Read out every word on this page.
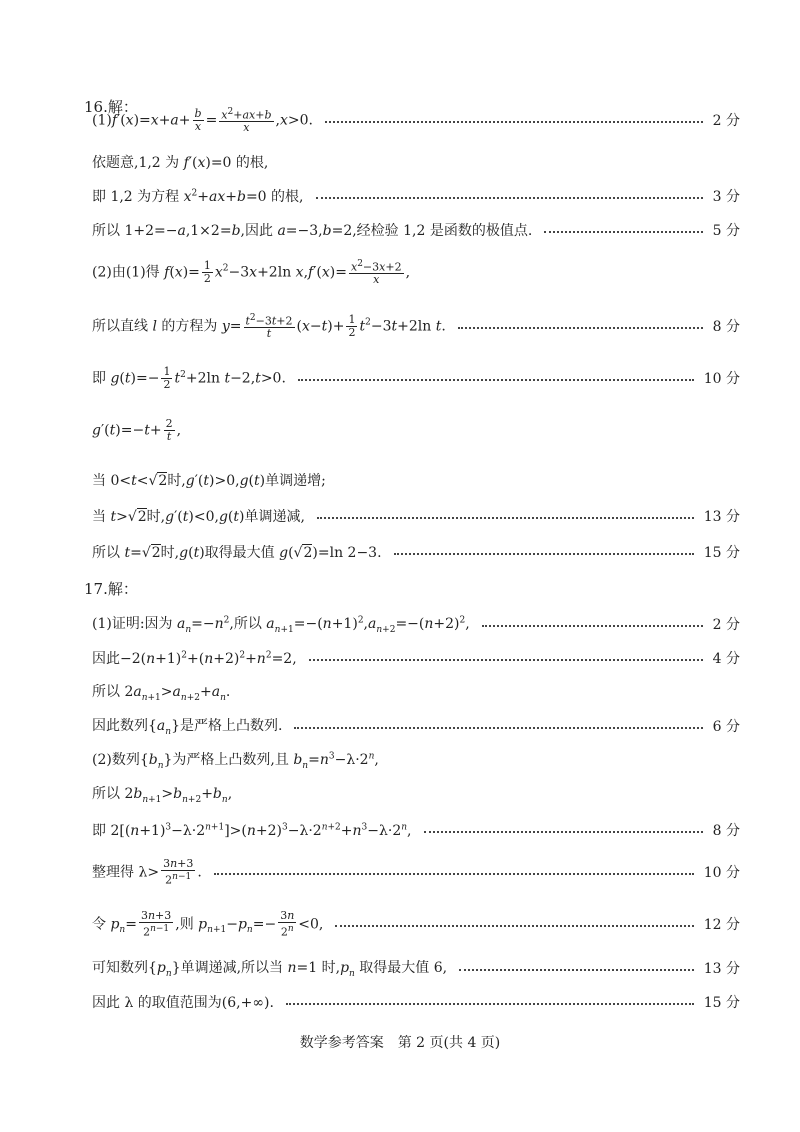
16.解：
$(1)f'(x)=x+a+ \frac{b}{x} = \frac{x^2+ax+b}{x} ,x>0$.	2 分
依题意,1,2 为 f′(x)=0 的根,
即 1,2 为方程 $x^2+ax+b=0$ 的根,	3 分
所以 1+2=−a,1×2=b,因此 a=−3,b=2,经检验 1,2 是函数的极值点.	5 分
(2)由(1)得 $f(x)= \frac{1}{2} x^2-3x+2\ln$ $x,f'(x)= \frac{x^2-3x+2}{x}$ ,
所以直线 l 的方程为 $y= \frac{t^2-3t+2}{t} (x-t)+ \frac{1}{2} t^2-3t+2\ln$ t.	8 分
即 $g(t)=- \frac{1}{2} t^2+2\ln$ t−2,t>0.	10 分
$g'(t)=-t+ \frac{2}{t}$ ,
当 0<t<√2时,g′(t)>0,g(t)单调递增;
当 t>√2时,g′(t)<0,g(t)单调递减,	13 分
所以 t=√2时,g(t)取得最大值 g(√2)=ln 2−3.	15 分
17.解：
(1)证明:因为 $a_n=-n^2$,所以 $a_{n+1}=-(n+1)^2,a_{n+2}=-(n+2)^2$,	2 分
因此$-2(n+1)^2+(n+2)^2+n^2=2$,	4 分
所以 $2a_{n+1}>a_{n+2}+a_n$.
因此数列$\{a_n\}$是严格上凸数列.	6 分
(2)数列$\{b_n\}$为严格上凸数列,且 $b_n=n^3-\lambda\cdot 2^n$,
所以 $2b_{n+1}>b_{n+2}+b_n$,
即 $2[(n+1)^3-\lambda\cdot 2^{n+1}]>(n+2)^3-\lambda\cdot 2^{n+2}+n^3-\lambda\cdot 2^n$,	8 分
整理得 $\lambda> \frac{3n+3}{2^{n-1}}$ .	10 分
令 $p_n= \frac{3n+3}{2^{n-1}}$ ,则 $p_{n+1}-p_n=- \frac{3n}{2^n} <0$,	12 分
可知数列$\{p_n\}$单调递减,所以当 n=1 时$,p_n$ 取得最大值 6,	13 分
因此 λ 的取值范围为(6,+∞).	15 分
数学参考答案　第 2 页(共 4 页)
